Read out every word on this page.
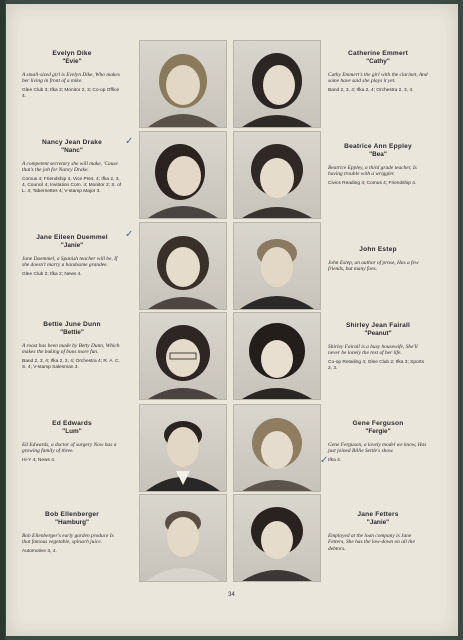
Evelyn Dike
"Evie"
A small-sized girl is Evelyn Dike, Who makes her living in front of a mike.
Glee Club 3; Ifka 3; Monitor 2, 3; Co-op Office 4.
Catherine Emmert
"Cathy"
Cathy Emmert's the girl with the clarinet, And some have said she plays it yet.
Band 2, 3, 4; Ifka 2, 4; Orchestra 2, 3, 4.
Nancy Jean Drake
"Nanc"
A competent secretary she will make, 'Cause that's the job for Nancy Drake.
Comus 4; Friendship 4, Vice Pres. 4; Ifka 2, 3, 4, Council 4; Invitation Com. 4; Monitor 2; S. of L. 4; Tabernettes 4; V-stamp Major 3.
✓	Beatrice Ann Eppley
"Bea"
Beatrice Eppley, a third grade teacher, Is having trouble with a wriggler.
Civics Reading 4; Comus 4; Friendship 4.
Jane Eileen Duemmel
"Janie"
Jane Duemmel, a Spanish teacher will be, If she doesn't marry a handsome grandee.
Glee Club 2; Ifka 2; News 4.
✓
John Estep
John Estep, an author of prose, Has a few friends, but many foes.
Bettie June Dunn
"Bettie"
A roast has been made by Betty Dunn, Which makes the baking of buns more fun.
Band 2, 3, 4; Ifka 2, 3, 4; Orchestra 4; R. A. C. S. 4; V-stamp Salesman 3.
Shirley Jean Fairall
"Peanut"
Shirley Fairall is a busy housewife, She'll never be lonely the rest of her life.
Co-op Retailing 4; Glee Club 2; Ifka 3; Sports 2, 3.
Ed Edwards
"Lum"
Ed Edwards, a doctor of surgery Now has a growing family of three.
Hi-Y 4; News 4.
Gene Ferguson
"Fergie"
Gene Ferguson, a lovely model we know, Has just joined Billie Settle's show.
Ifka 4.
✓
Bob Ellenberger
"Hamburg"
Bob Ellenberger's early garden produce Is that famous vegetable, spinach juice.
Automotive 3, 4.
Jane Fetters
"Janie"
Employed at the loan company is Jane Fetters, She has the low-down on all the debtors.
34
